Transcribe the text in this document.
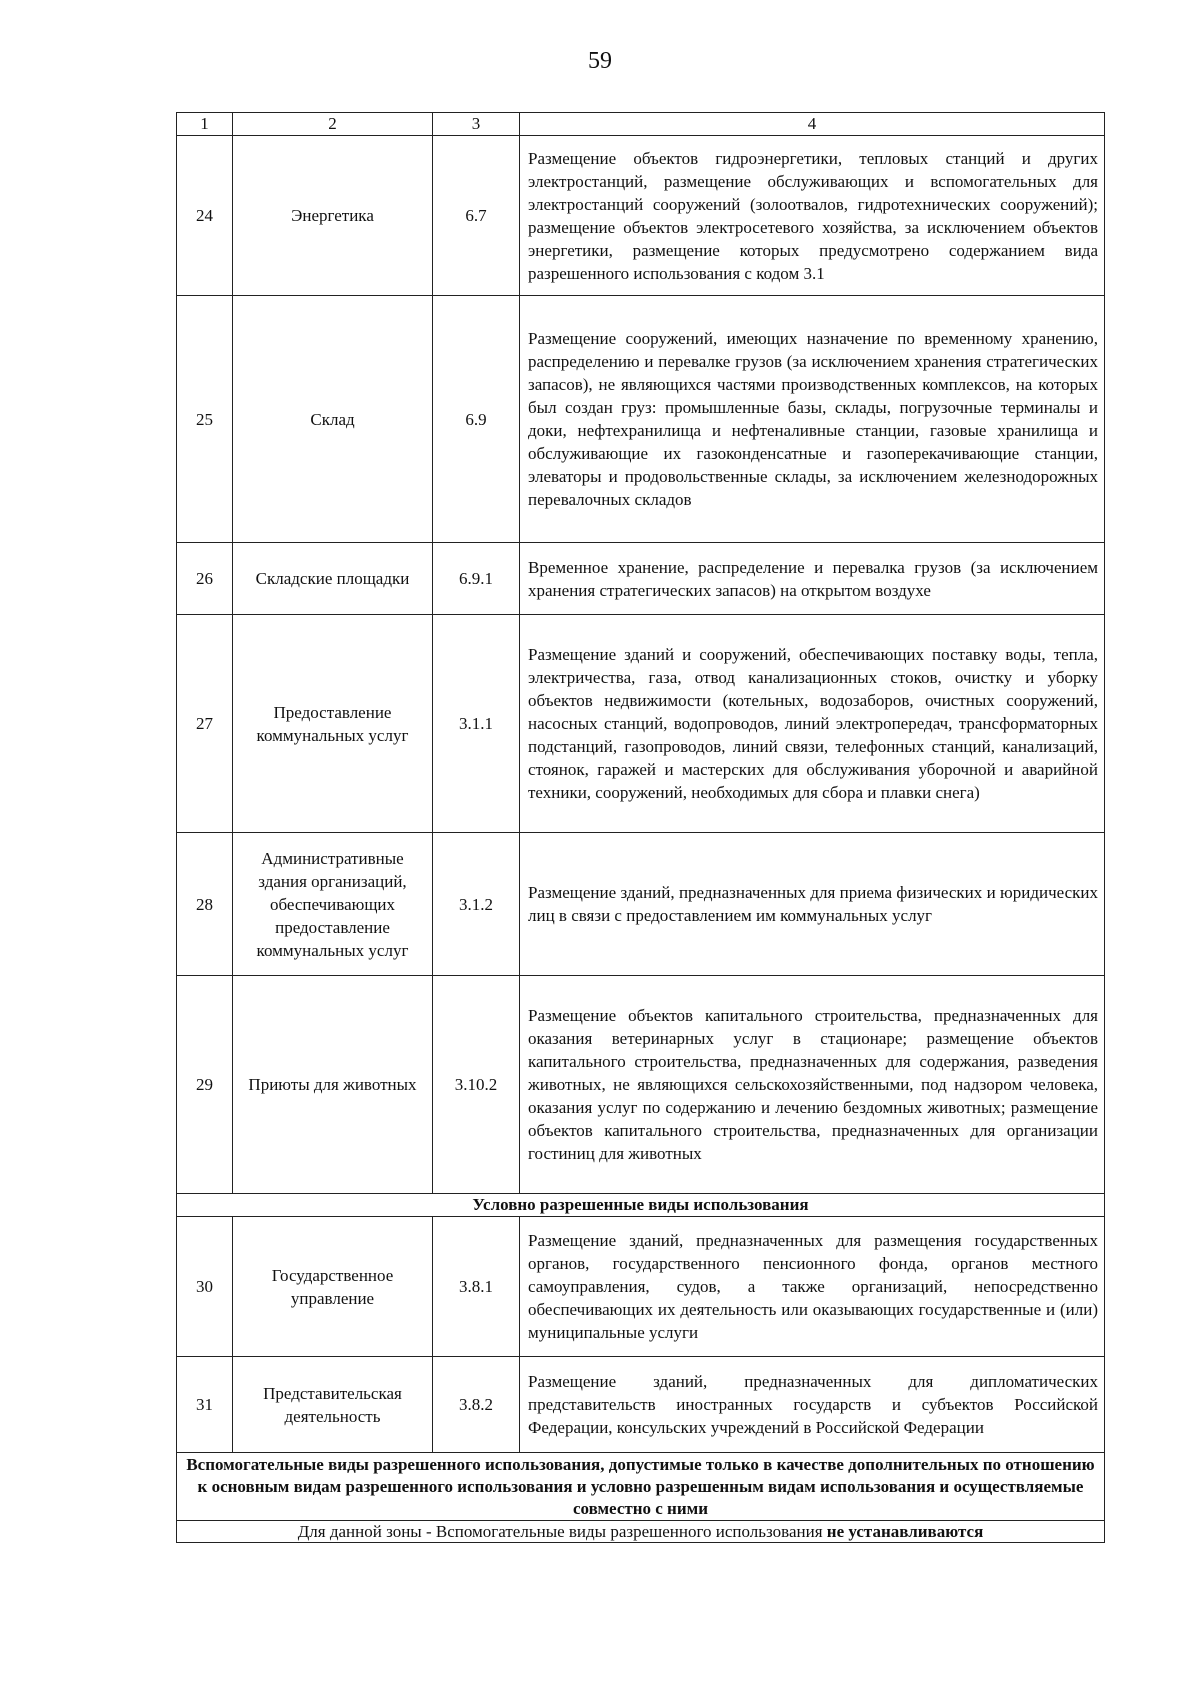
59
1	2	3	4
24	Энергетика	6.7	Размещение объектов гидроэнергетики, тепловых станций и других электростанций, размещение обслуживающих и вспомогательных для электростанций сооружений (золоотвалов, гидротехнических сооружений); размещение объектов электросетевого хозяйства, за исключением объектов энергетики, размещение которых предусмотрено содержанием вида разрешенного использования с кодом 3.1
25	Склад	6.9	Размещение сооружений, имеющих назначение по временному хранению, распределению и перевалке грузов (за исключением хранения стратегических запасов), не являющихся частями производственных комплексов, на которых был создан груз: промышленные базы, склады, погрузочные терминалы и доки, нефтехранилища и нефтеналивные станции, газовые хранилища и обслуживающие их газоконденсатные и газоперекачивающие станции, элеваторы и продовольственные склады, за исключением железнодорожных перевалочных складов
26	Складские площадки	6.9.1	Временное хранение, распределение и перевалка грузов (за исключением хранения стратегических запасов) на открытом воздухе
27	Предоставление коммунальных услуг	3.1.1	Размещение зданий и сооружений, обеспечивающих поставку воды, тепла, электричества, газа, отвод канализационных стоков, очистку и уборку объектов недвижимости (котельных, водозаборов, очистных сооружений, насосных станций, водопроводов, линий электропередач, трансформаторных подстанций, газопроводов, линий связи, телефонных станций, канализаций, стоянок, гаражей и мастерских для обслуживания уборочной и аварийной техники, сооружений, необходимых для сбора и плавки снега)
28	Административные здания организаций, обеспечивающих предоставление коммунальных услуг	3.1.2	Размещение зданий, предназначенных для приема физических и юридических лиц в связи с предоставлением им коммунальных услуг
29	Приюты для животных	3.10.2	Размещение объектов капитального строительства, предназначенных для оказания ветеринарных услуг в стационаре; размещение объектов капитального строительства, предназначенных для содержания, разведения животных, не являющихся сельскохозяйственными, под надзором человека, оказания услуг по содержанию и лечению бездомных животных; размещение объектов капитального строительства, предназначенных для организации гостиниц для животных
Условно разрешенные виды использования			
30	Государственное управление	3.8.1	Размещение зданий, предназначенных для размещения государственных органов, государственного пенсионного фонда, органов местного самоуправления, судов, а также организаций, непосредственно обеспечивающих их деятельность или оказывающих государственные и (или) муниципальные услуги
31	Представительская деятельность	3.8.2	Размещение зданий, предназначенных для дипломатических представительств иностранных государств и субъектов Российской Федерации, консульских учреждений в Российской Федерации
Вспомогательные виды разрешенного использования, допустимые только в качестве дополнительных по отношению к основным видам разрешенного использования и условно разрешенным видам использования и осуществляемые совместно с ними			
Для данной зоны - Вспомогательные виды разрешенного использования не устанавливаются			
